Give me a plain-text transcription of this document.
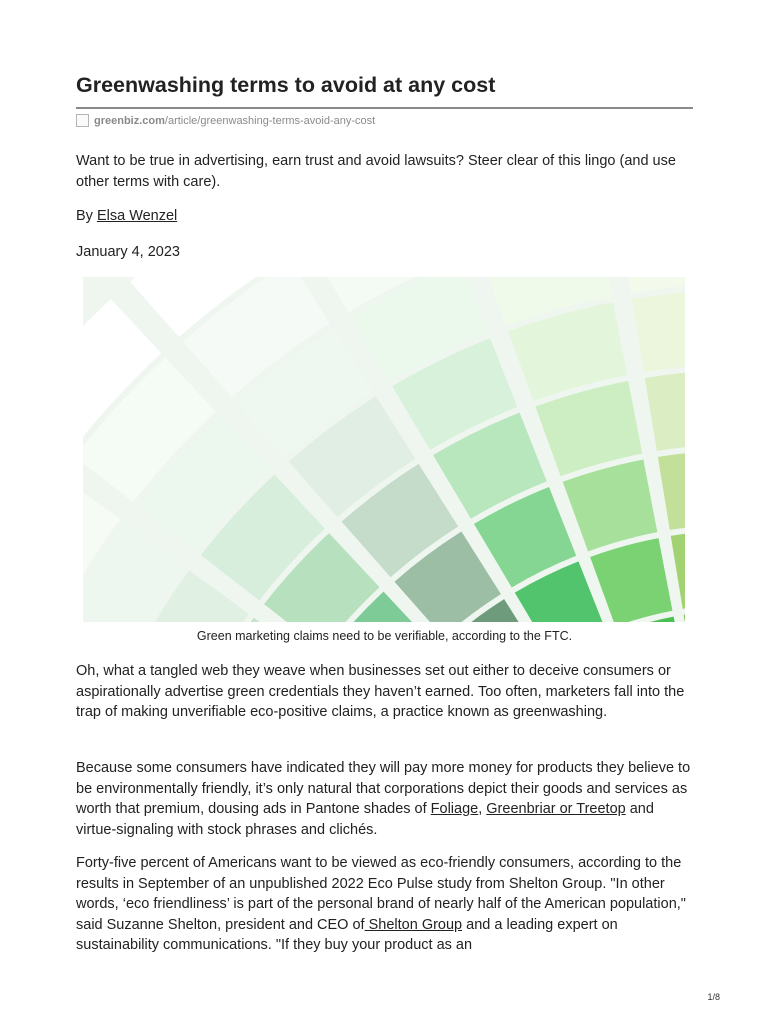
Greenwashing terms to avoid at any cost
greenbiz.com /article/greenwashing-terms-avoid-any-cost

Want to be true in advertising, earn trust and avoid lawsuits? Steer clear of this lingo (and use other terms with care).

By Elsa Wenzel

January 4, 2023

Green marketing claims need to be verifiable, according to the FTC.

Oh, what a tangled web they weave when businesses set out either to deceive consumers or aspirationally advertise green credentials they haven’t earned. Too often, marketers fall into the trap of making unverifiable eco-positive claims, a practice known as greenwashing.

Because some consumers have indicated they will pay more money for products they believe to be environmentally friendly, it’s only natural that corporations depict their goods and services as worth that premium, dousing ads in Pantone shades of Foliage, Greenbriar or Treetop and virtue-signaling with stock phrases and clichés.

Forty-five percent of Americans want to be viewed as eco-friendly consumers, according to the results in September of an unpublished 2022 Eco Pulse study from Shelton Group. "In other words, ‘eco friendliness’ is part of the personal brand of nearly half of the American population," said Suzanne Shelton, president and CEO of Shelton Group and a leading expert on sustainability communications. "If they buy your product as an

1/8
